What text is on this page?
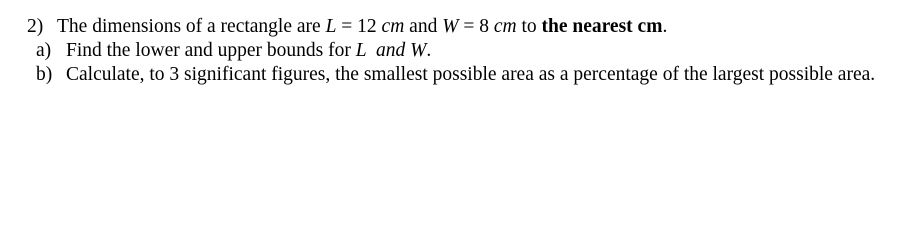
2) The dimensions of a rectangle are L = 12 cm and W = 8 cm to the nearest cm.
a) Find the lower and upper bounds for L  and W.
b) Calculate, to 3 significant figures, the smallest possible area as a percentage of the largest possible area.
